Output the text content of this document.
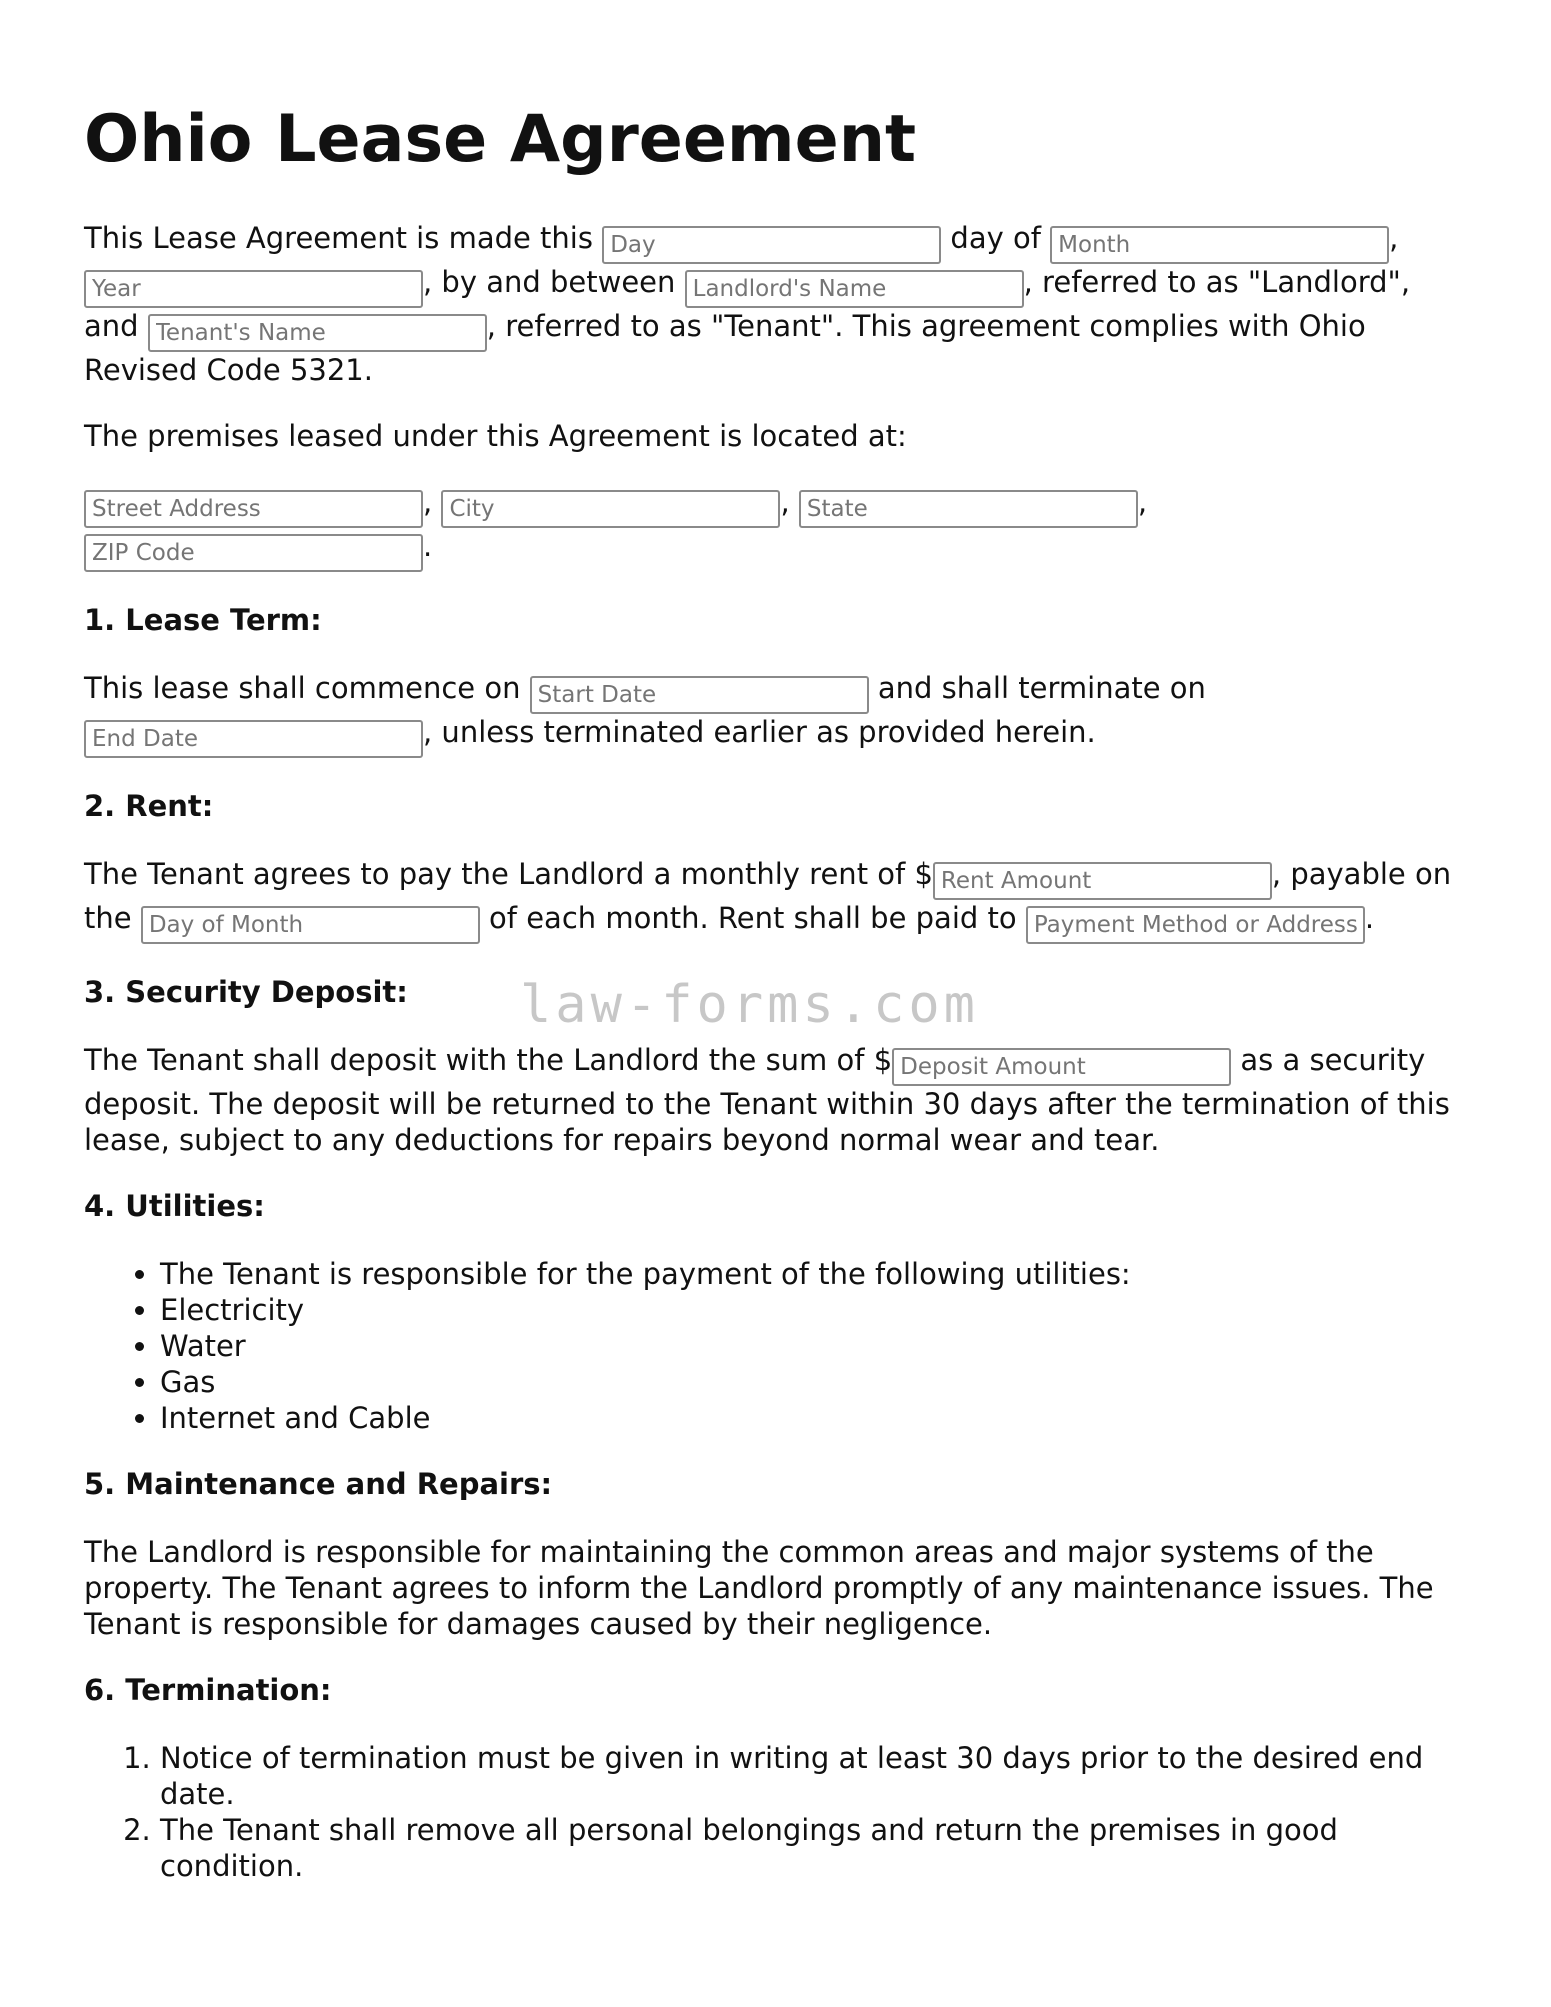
Ohio Lease Agreement

This Lease Agreement is made this Day	day of Month	, Year, by and between Landlord's Name	, referred to as "Landlord", and Tenant's Name	, referred to as "Tenant". This agreement complies with Ohio Revised Code 5321.

The premises leased under this Agreement is located at:

Street Address, City	, State	, ZIP Code.

1. Lease Term:

This lease shall commence on Start Date	and shall terminate on End Date, unless terminated earlier as provided herein.

2. Rent:

The Tenant agrees to pay the Landlord a monthly rent of $Rent Amount	, payable on the Day of Month	of each month. Rent shall be paid to Payment Method or Address	.

3. Security Deposit:

The Tenant shall deposit with the Landlord the sum of $Deposit Amount	as a security deposit. The deposit will be returned to the Tenant within 30 days after the termination of this lease, subject to any deductions for repairs beyond normal wear and tear.

4. Utilities:
• The Tenant is responsible for the payment of the following utilities:
• Electricity
• Water
• Gas
• Internet and Cable
5. Maintenance and Repairs:

The Landlord is responsible for maintaining the common areas and major systems of the property. The Tenant agrees to inform the Landlord promptly of any maintenance issues. The Tenant is responsible for damages caused by their negligence.

6. Termination:
1. Notice of termination must be given in writing at least 30 days prior to the desired end date.
2. The Tenant shall remove all personal belongings and return the premises in good condition.
law-forms.com
